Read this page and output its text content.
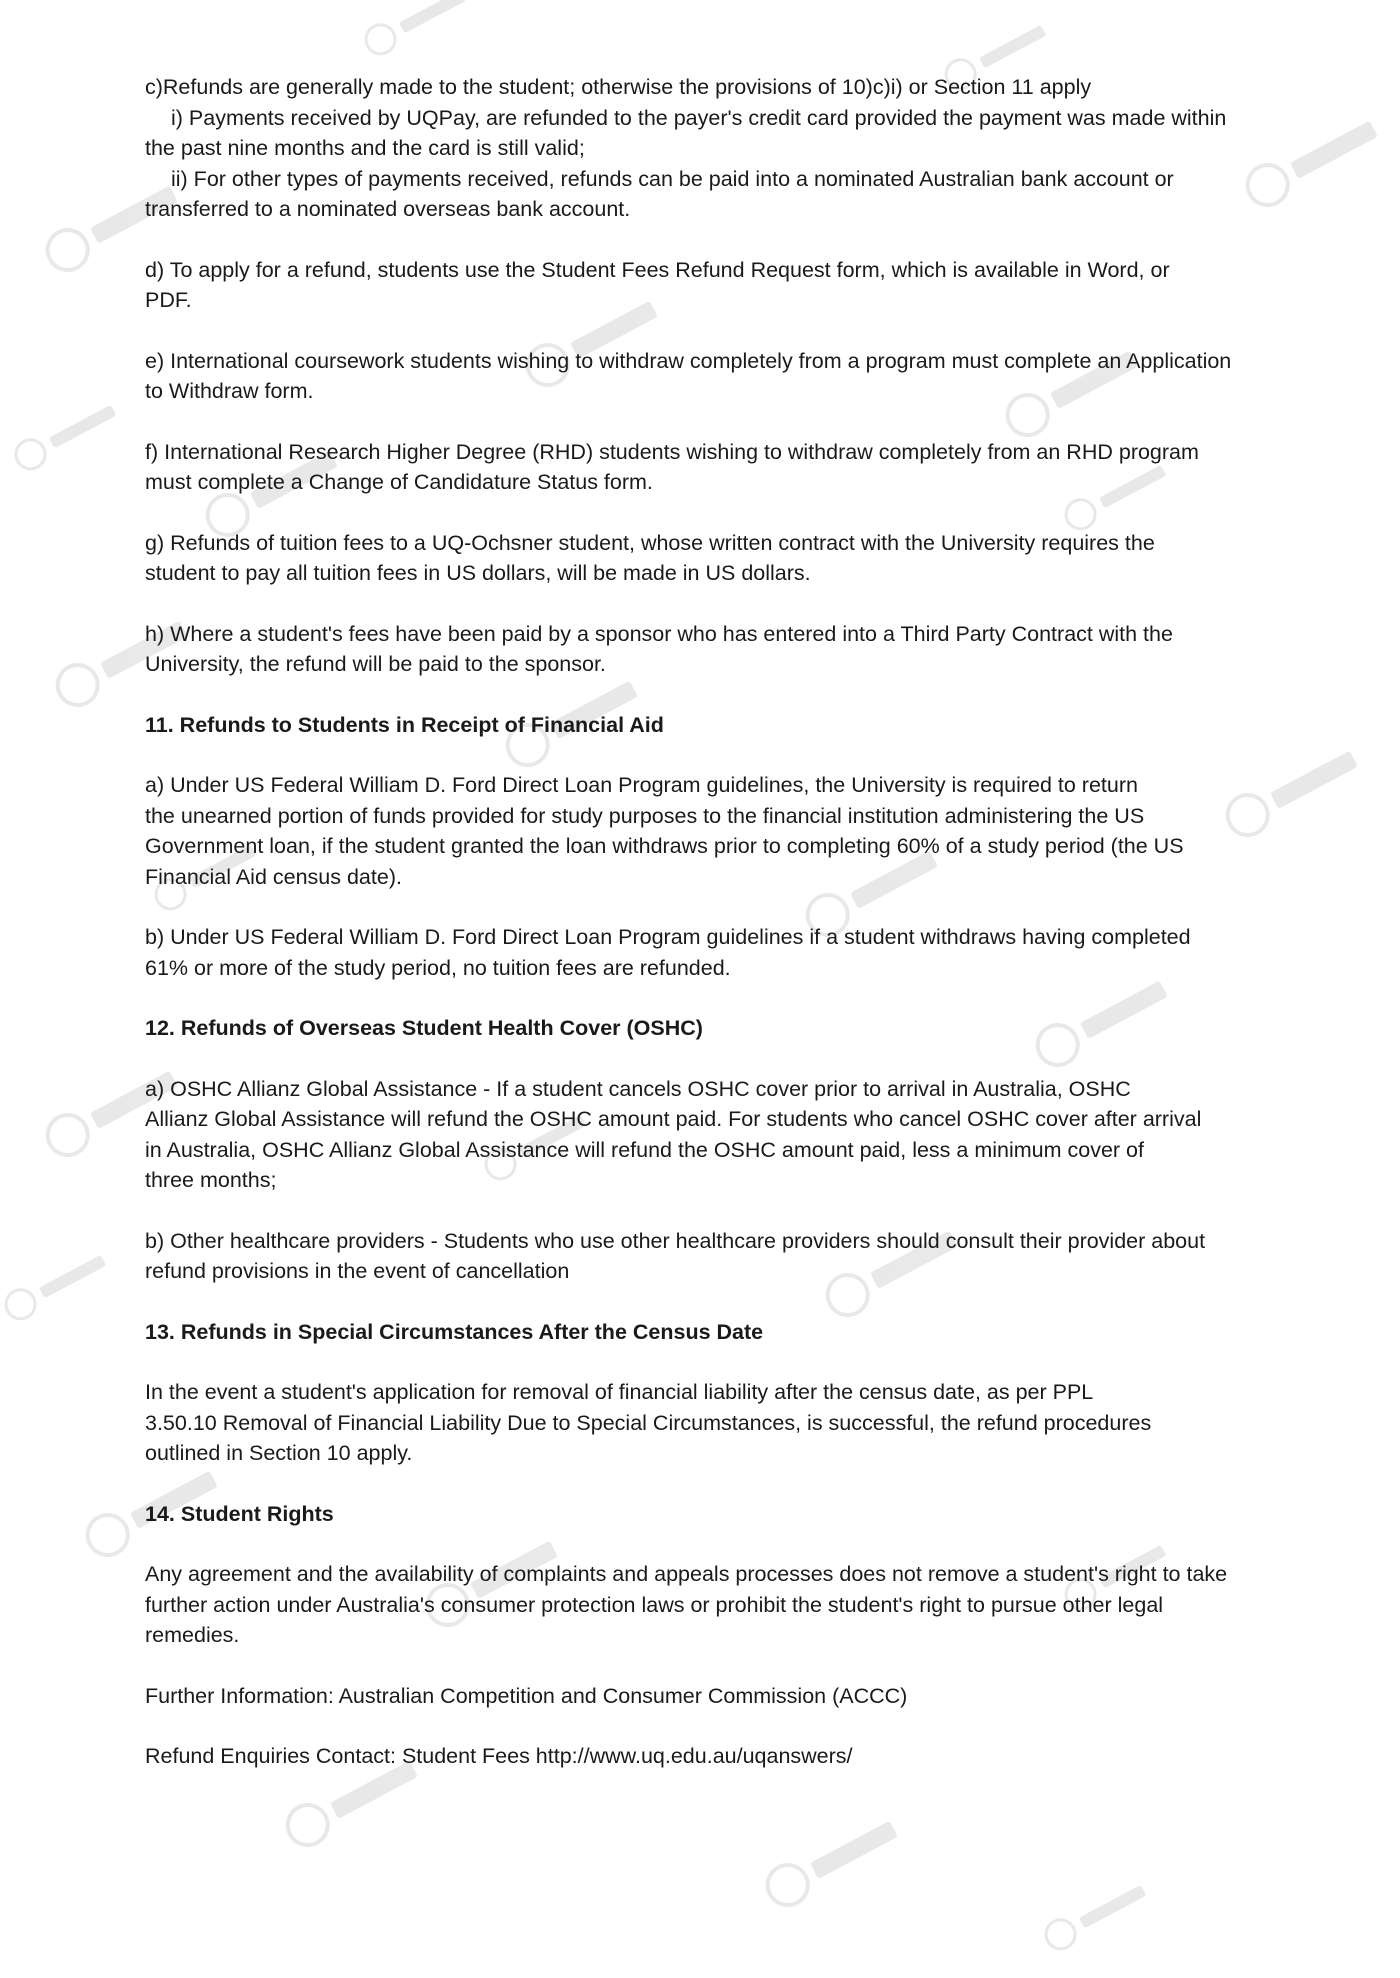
c)Refunds are generally made to the student; otherwise the provisions of 10)c)i) or Section 11 apply
i) Payments received by UQPay, are refunded to the payer's credit card provided the payment was made within
the past nine months and the card is still valid;
ii) For other types of payments received, refunds can be paid into a nominated Australian bank account or
transferred to a nominated overseas bank account.
d) To apply for a refund, students use the Student Fees Refund Request form, which is available in Word, or
PDF.
e) International coursework students wishing to withdraw completely from a program must complete an Application
to Withdraw form.
f) International Research Higher Degree (RHD) students wishing to withdraw completely from an RHD program
must complete a Change of Candidature Status form.
g) Refunds of tuition fees to a UQ-Ochsner student, whose written contract with the University requires the
student to pay all tuition fees in US dollars, will be made in US dollars.
h) Where a student's fees have been paid by a sponsor who has entered into a Third Party Contract with the
University, the refund will be paid to the sponsor.
11. Refunds to Students in Receipt of Financial Aid
a) Under US Federal William D. Ford Direct Loan Program guidelines, the University is required to return
the unearned portion of funds provided for study purposes to the financial institution administering the US
Government loan, if the student granted the loan withdraws prior to completing 60% of a study period (the US
Financial Aid census date).
b) Under US Federal William D. Ford Direct Loan Program guidelines if a student withdraws having completed
61% or more of the study period, no tuition fees are refunded.
12. Refunds of Overseas Student Health Cover (OSHC)
a) OSHC Allianz Global Assistance - If a student cancels OSHC cover prior to arrival in Australia, OSHC
Allianz Global Assistance will refund the OSHC amount paid. For students who cancel OSHC cover after arrival
in Australia, OSHC Allianz Global Assistance will refund the OSHC amount paid, less a minimum cover of
three months;
b) Other healthcare providers - Students who use other healthcare providers should consult their provider about
refund provisions in the event of cancellation
13. Refunds in Special Circumstances After the Census Date
In the event a student's application for removal of financial liability after the census date, as per PPL
3.50.10 Removal of Financial Liability Due to Special Circumstances, is successful, the refund procedures
outlined in Section 10 apply.
14. Student Rights
Any agreement and the availability of complaints and appeals processes does not remove a student's right to take
further action under Australia's consumer protection laws or prohibit the student's right to pursue other legal
remedies.
Further Information: Australian Competition and Consumer Commission (ACCC)
Refund Enquiries Contact: Student Fees http://www.uq.edu.au/uqanswers/
